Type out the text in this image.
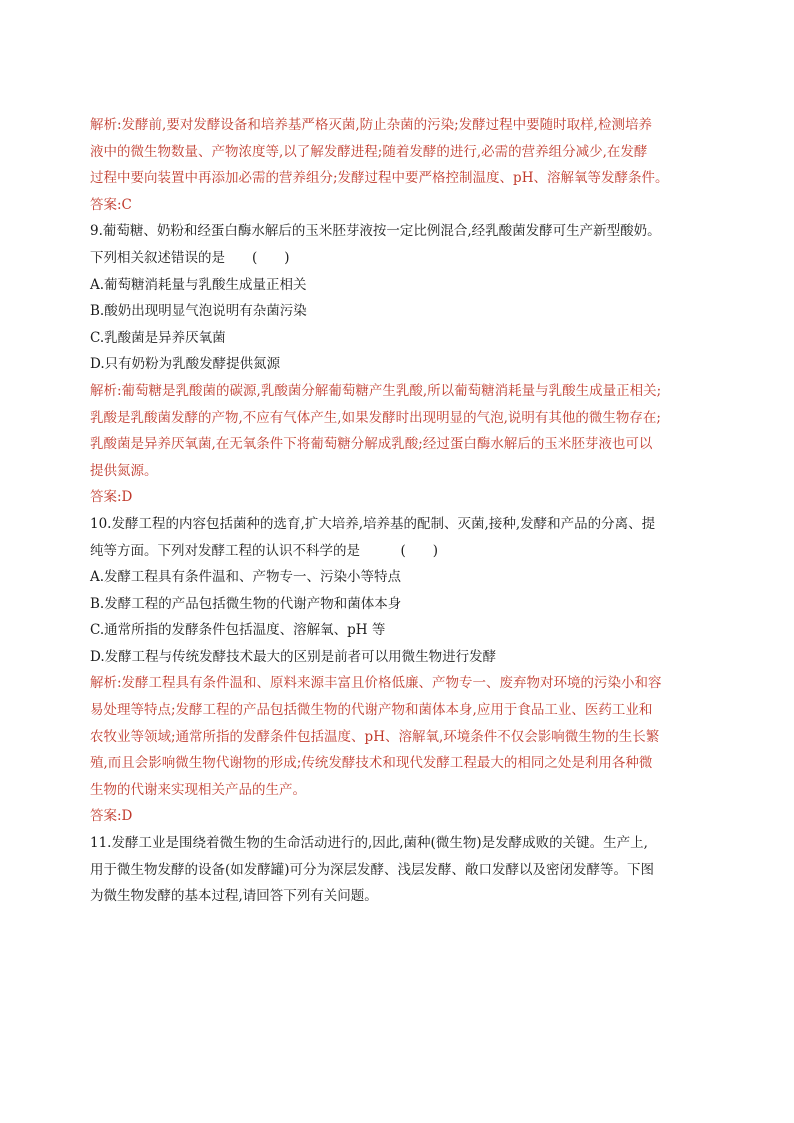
解析:发酵前,要对发酵设备和培养基严格灭菌,防止杂菌的污染;发酵过程中要随时取样,检测培养
液中的微生物数量、产物浓度等,以了解发酵进程;随着发酵的进行,必需的营养组分减少,在发酵
过程中要向装置中再添加必需的营养组分;发酵过程中要严格控制温度、pH、溶解氧等发酵条件。
答案:C
9.葡萄糖、奶粉和经蛋白酶水解后的玉米胚芽液按一定比例混合,经乳酸菌发酵可生产新型酸奶。
下列相关叙述错误的是　　(　　)
A.葡萄糖消耗量与乳酸生成量正相关
B.酸奶出现明显气泡说明有杂菌污染
C.乳酸菌是异养厌氧菌
D.只有奶粉为乳酸发酵提供氮源
解析:葡萄糖是乳酸菌的碳源,乳酸菌分解葡萄糖产生乳酸,所以葡萄糖消耗量与乳酸生成量正相关;
乳酸是乳酸菌发酵的产物,不应有气体产生,如果发酵时出现明显的气泡,说明有其他的微生物存在;
乳酸菌是异养厌氧菌,在无氧条件下将葡萄糖分解成乳酸;经过蛋白酶水解后的玉米胚芽液也可以
提供氮源。
答案:D
10.发酵工程的内容包括菌种的选育,扩大培养,培养基的配制、灭菌,接种,发酵和产品的分离、提
纯等方面。下列对发酵工程的认识不科学的是　　　(　　)
A.发酵工程具有条件温和、产物专一、污染小等特点
B.发酵工程的产品包括微生物的代谢产物和菌体本身
C.通常所指的发酵条件包括温度、溶解氧、pH 等
D.发酵工程与传统发酵技术最大的区别是前者可以用微生物进行发酵
解析:发酵工程具有条件温和、原料来源丰富且价格低廉、产物专一、废弃物对环境的污染小和容
易处理等特点;发酵工程的产品包括微生物的代谢产物和菌体本身,应用于食品工业、医药工业和
农牧业等领域;通常所指的发酵条件包括温度、pH、溶解氧,环境条件不仅会影响微生物的生长繁
殖,而且会影响微生物代谢物的形成;传统发酵技术和现代发酵工程最大的相同之处是利用各种微
生物的代谢来实现相关产品的生产。
答案:D
11.发酵工业是围绕着微生物的生命活动进行的,因此,菌种(微生物)是发酵成败的关键。生产上,
用于微生物发酵的设备(如发酵罐)可分为深层发酵、浅层发酵、敞口发酵以及密闭发酵等。下图
为微生物发酵的基本过程,请回答下列有关问题。
